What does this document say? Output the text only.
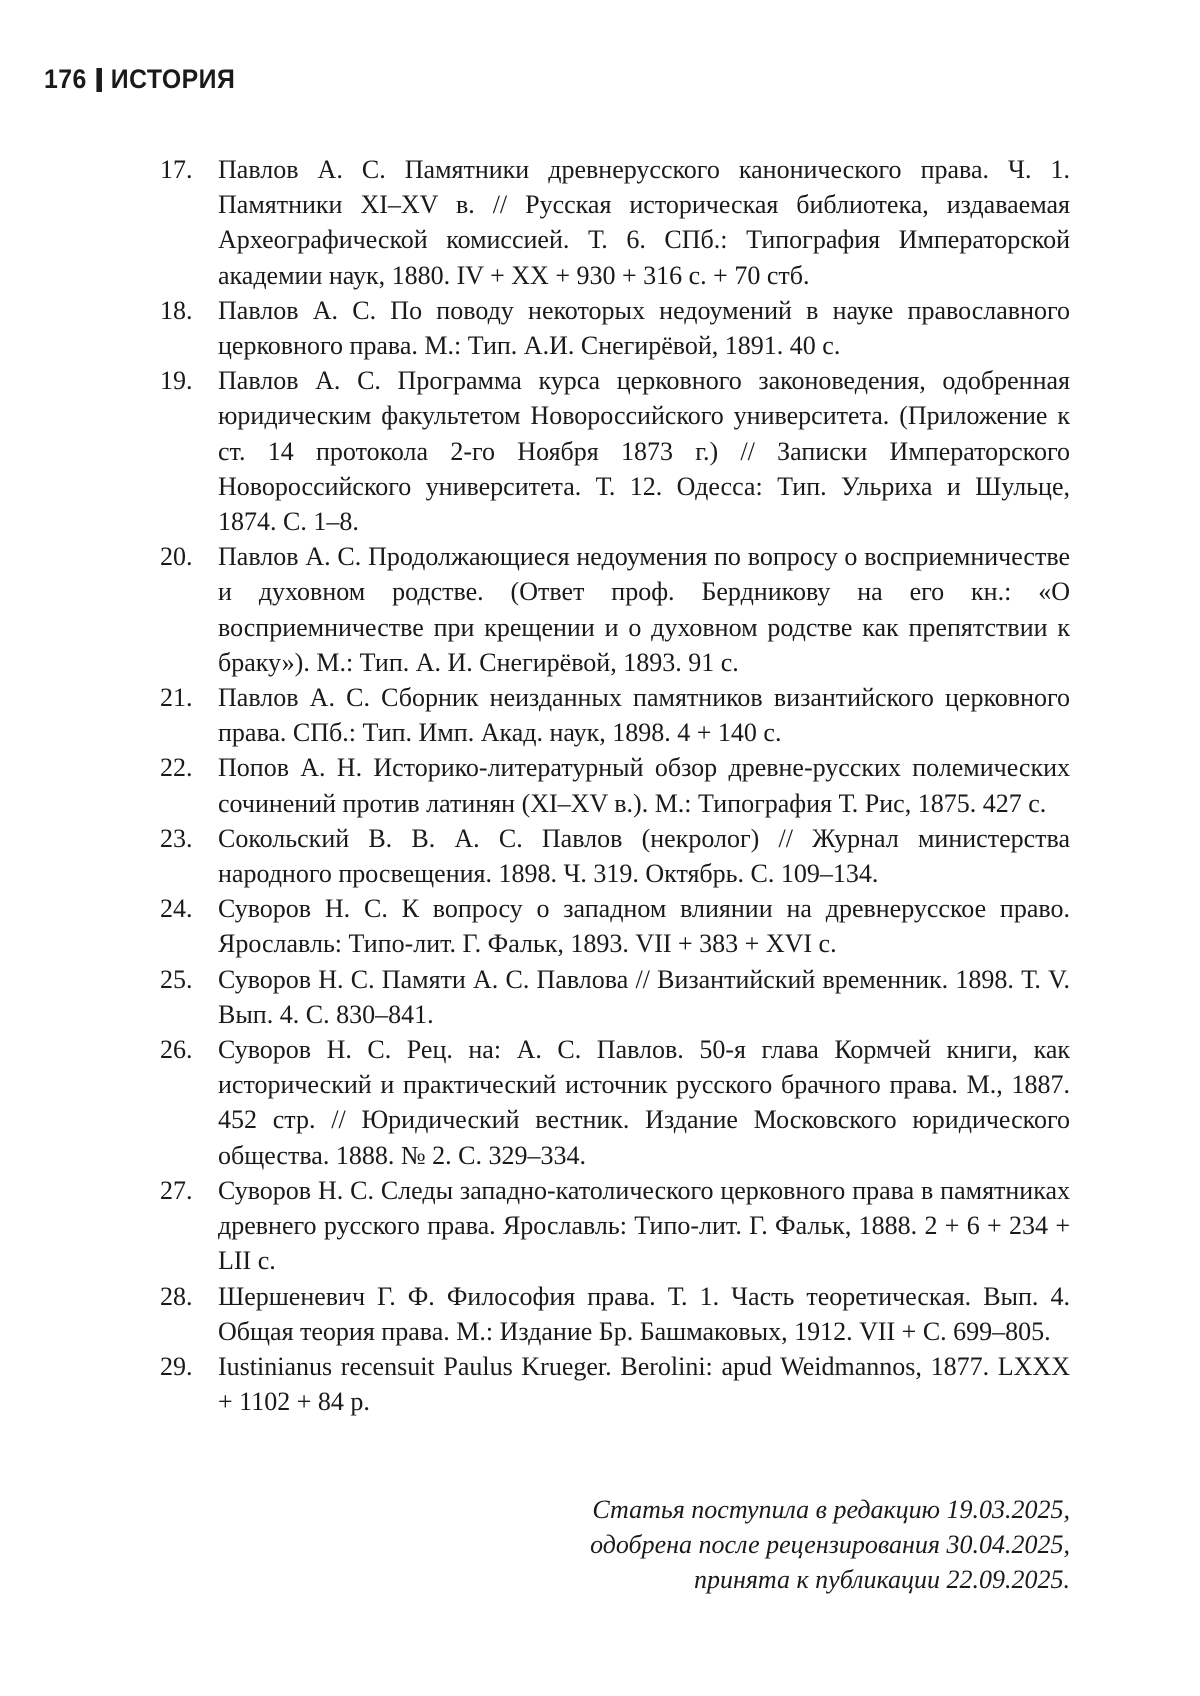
176 ИСТОРИЯ
17. Павлов А. С. Памятники древнерусского канонического права. Ч. 1. Памятники XI–XV в. // Русская историческая библиотека, издаваемая Археографической комиссией. Т. 6. СПб.: Типография Императорской академии наук, 1880. IV + XX + 930 + 316 с. + 70 стб.
18. Павлов А. С. По поводу некоторых недоумений в науке православного церковного права. М.: Тип. А.И. Снегирёвой, 1891. 40 с.
19. Павлов А. С. Программа курса церковного законоведения, одобренная юридическим факультетом Новороссийского университета. (Приложение к ст. 14 протокола 2-го Ноября 1873 г.) // Записки Императорского Новороссийского университета. Т. 12. Одесса: Тип. Ульриха и Шульце, 1874. С. 1–8.
20. Павлов А. С. Продолжающиеся недоумения по вопросу о восприемничестве и духовном родстве. (Ответ проф. Бердникову на его кн.: «О восприемничестве при крещении и о духовном родстве как препятствии к браку»). М.: Тип. А. И. Снегирёвой, 1893. 91 с.
21. Павлов А. С. Сборник неизданных памятников византийского церковного права. СПб.: Тип. Имп. Акад. наук, 1898. 4 + 140 с.
22. Попов А. Н. Историко-литературный обзор древне-русских полемических сочинений против латинян (XI–XV в.). М.: Типография Т. Рис, 1875. 427 с.
23. Сокольский В. В. А. С. Павлов (некролог) // Журнал министерства народного просвещения. 1898. Ч. 319. Октябрь. С. 109–134.
24. Суворов Н. С. К вопросу о западном влиянии на древнерусское право. Ярославль: Типо-лит. Г. Фальк, 1893. VII + 383 + XVI с.
25. Суворов Н. С. Памяти А. С. Павлова // Византийский временник. 1898. Т. V. Вып. 4. С. 830–841.
26. Суворов Н. С. Рец. на: А. С. Павлов. 50-я глава Кормчей книги, как исторический и практический источник русского брачного права. М., 1887. 452 стр. // Юридический вестник. Издание Московского юридического общества. 1888. № 2. С. 329–334.
27. Суворов Н. С. Следы западно-католического церковного права в памятниках древнего русского права. Ярославль: Типо-лит. Г. Фальк, 1888. 2 + 6 + 234 + LII с.
28. Шершеневич Г. Ф. Философия права. Т. 1. Часть теоретическая. Вып. 4. Общая теория права. М.: Издание Бр. Башмаковых, 1912. VII + С. 699–805.
29. Iustinianus recensuit Paulus Krueger. Berolini: apud Weidmannos, 1877. LXXX + 1102 + 84 p.
Статья поступила в редакцию 19.03.2025,
одобрена после рецензирования 30.04.2025,
принята к публикации 22.09.2025.
